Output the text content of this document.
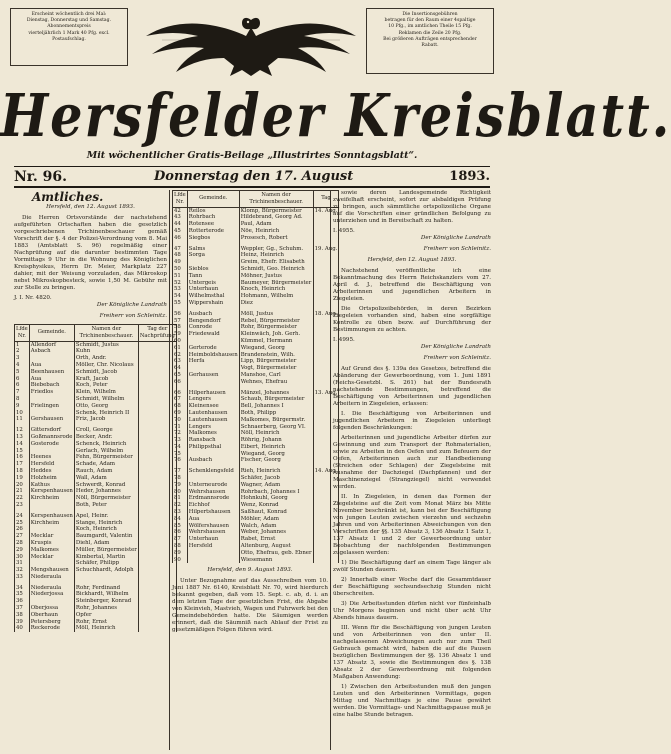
Erscheint wöchentlich drei Mal:
Dienstag, Donnerstag und Samstag.
Abonnementspreis
vierteljährlich 1 Mark 40 Pfg. excl.
Postaufschlag.
Die Insertionsgebühren
betragen für den Raum einer 4spaltige
10 Pfg., im amtlichen Theile 15 Pfg.
Reklamen die Zeile 20 Pfg.
Bei größeren Aufträgen entsprechender
Rabatt.
Hersfelder Kreisblatt.
Mit wöchentlicher Gratis-Beilage „Illustrirtes Sonntagsblatt“.
Nr. 96.	Donnerstag den 17. August	1893.
Amtliches.
Hersfeld, den 12. August 1893.

Die Herren Ortsvorstände der nachstehend aufgeführten Ortschaften haben die gesetzlich vorgeschriebenen Trichinenbeschauer gemäß Vorschrift der §. 4 der Polizei-Verordnung vom 8. Mai 1883 (Amtsblatt S. 96) regelmäßig einer Nachprüfung auf die darunter bestimmten Tage Vormittags 9 Uhr in die Wohnung des Königlichen Kreisphysikus, Herrn Dr. Meier, Markplatz 227 dahier, mit der Weisung vorzuladen, das Mikroskop nebst Mikroskopbesteck, sowie 1,50 M. Gebühr mit zur Stelle zu bringen.

J. I. Nr. 4820.
Der Königliche Landrath
Freiherr von Schleinitz.
Lfde Nr.	Gemeinde.	Namen der Trichinenbeschauer.	Tag der Nachprüfung
1	Allendorf	Schmidt, Justus	
2	Asbach	Kuhn	
3		Orth, Andr.	
4	Aua	Möller, Chr. Nicolaus	
5	Beenhausen	Schmidt, Jacob	
6	Aua	Kraft, Jacob	
6	Biebebach	Koch, Peter	
7	Friedlos	Klein, Wilhelm	
8		Schmidt, Wilhelm	
9	Frielingen	Otto, Georg	
10		Schenk, Heinrich II	
11	Gershausen	Friz, Jacob	

12	Gittersdorf	Croll, George	
13	Goßmannsrode	Becker, Andr.	
14	Gosterode	Schenck, Heinrich	
15		Gerlach, Wilhelm	
16	Heenes	Fehn, Bürgermeister	
17	Hersfeld	Schade, Adam	
18	Heddes	Rauch, Adam	
19	Holzheim	Wall, Adam	
20	Kathus	Schwerdt, Konrad	
21	Kerspenhausen	Heder, Johannes	
22	Kirchheim	Nöll, Bürgermeister	
23		Both, Peter	

24	Kerspenhausen	Apel, Heinr.	
25	Kirchheim	Stange, Heinrich	
26		Koch, Heinrich	
27	Mecklar	Baumgardt, Valentin	
28	Kruspis	Diehl, Adam	
29	Malkomes	Müller, Bürgermeister	
30	Mecklar	Kimbertal, Martin	
31		Schäfer, Philipp	
32	Mengshausen	Schuchhardt, Adolph	
33	Niederaula		

34	Niederaula	Rohr, Ferdinand	
35	Niederjossa	Bickhardt, Wilhelm	
36		Steinberger, Konrad	
37	Oberjossa	Rohr, Johannes	
38	Oberhaun	Opfer	
39	Petersberg	Rohr, Ernst	
40	Reckerode	Möll, Heinrich	
Lfde Nr.	Gemeinde.	Namen der Trichinenbeschauer.	Tag
42	Reilos	Klomp, Bürgermeister	14. Aug.
43	Rohrbach	Hildebrand, Georg Ad.	
44	Rotensee	Paul, Adam	
45	Rotterterode	Nöe, Heinrich	
46	Siegbos	Prosesch, Robert	

47	Salms	Weppler, Gg., Schuhm.	19. Aug.
48	Sorga	Heinz, Heinrich	
49		Greim, Ehefr. Elisabeth	
50	Sieblos	Schmidt, Geo. Heinrich	
51	Tann	Möhner, Justus	
52	Untergeis	Baumeyer, Bürgermeister	
53	Unterhaun	Knoch, Heinrich	
54	Wilhelmsthal	Hohmann, Wilhelm	
55	Wippershain	Diez	

56	Ausbach	Möll, Justus	18. Aug.
57	Bengendorf	Rebel, Bürgermeister	
58	Conrode	Rohr, Bürgermeister	
59	Friedewald	Kleinwäch, Joh. Gerh.	
60		Kümmel, Hermann	
61	Gerterode	Wiegand, Georg	
62	Heimboldshausen	Brandenstein, Wilh.	
63	Herfa	Lipp, Bürgermeister	
64		Vogt, Bürgermeister	
65	Gerhausen	Manshoe, Carl	
66		Wehnes, Ehefrau	

66	Hilperhausen	Mänzel, Johannes	13. Aug.
67	Lengers	Schaub, Bürgermeister	
68	Kleinensee	Bell, Johannes I	
69	Lautenhausen	Both, Philipp	
70	Lautenhausen	Malkomes, Bürgermstr.	
71	Lengers	Schnaerberg, Georg VI.	
72	Malkomes	Nöll, Heinrich	
73	Ransbach	Röhrig, Johann	
74	Philippsthal	Eibert, Heinrich	
75		Wiegand, Georg	
76	Ausbach	Fischer, Georg	

77	Schenklengsfeld	Rieh, Heinrich	14. Aug.
78		Schäfer, Jacob	
79	Unterneurode	Wagner, Adam	
80	Wehrshausen	Rohrbach, Johannes I	
81	Erdmannsrode	Hohnkuhl, Georg	
82	Eichhof	Wenz, Konrad	
83	Hilpertshausen	Saßhaut, Konrad	
84	Aua	Möhler, Adam	
85	Wölfershausen	Walch, Adam	
86	Wehrshausen	Weber, Johannes	
87	Unterhaun	Rabet, Ernst	
88	Hersfeld	Altenburg, August	
89		Otto, Ehefrau, geb. Ebner	
90		Wiesemann	
Hersfeld, den 9. August 1893.

Unter Bezugnahme auf das Ausschreiben vom 10. Juni 1887 Nr. 6140, Kreisblatt Nr. 70, wird hierdurch bekannt gegeben, daß vom 15. Sept. c. ab, d. i. an dem letzten Tage der gesetzlichen Frist, die Abgabe von Kleinvieh, Mastvieh, Wagen und Fuhrwerk bei den Gemeindebehörden hatte. Die Säumigen werden erinnert, daß die Säumniß nach Ablauf der Frist zu gesetzmäßigen Folgen führen wird.

sowie deren Landesgemeinde Richtigkeit zweifelhaft erscheint, sofort zur alsbaldigen Prüfung zu bringen, auch sämmtliche ortspolizeiliche Organe auf die Vorschriften einer gründlichen Befolgung zu unterziehen und in Bereitschaft zu halten.

I. 4955.
Der Königliche Landrath
Freiherr von Schleinitz.
Hersfeld, den 12. August 1893.

Nachstehend veröffentliche ich eine Bekanntmachung des Herrn Reichskanzlers vom 27. April d. J., betreffend die Beschäftigung von Arbeiterinnen und jugendlichen Arbeitern in Ziegeleien.

Die Ortspolizeibehörden, in deren Bezirken Ziegeleien vorhanden sind, haben eine sorgfältige Kontrolle zu üben bezw. auf Durchführung der Bestimmungen zu achten.

I. 4995.
Der Königliche Landrath
Freiherr von Schleinitz.

Auf Grund des §. 139a des Gesetzes, betreffend die Abänderung der Gewerbeordnung, vom 1. Juni 1891 (Reichs-Gesetzbl. S. 261) hat der Bundesrath nachstehende Bestimmungen, betreffend die Beschäftigung von Arbeiterinnen und jugendlichen Arbeitern in Ziegeleien, erlassen:

I. Die Beschäftigung von Arbeiterinnen und jugendlichen Arbeitern in Ziegeleien unterliegt folgenden Beschränkungen:

Arbeiterinnen und jugendliche Arbeiter dürfen zur Gewinnung und zum Transport der Rohmaterialien, sowie zu Arbeiten in den Oefen und zum Befeuern der Oefen, Arbeiterinnen auch zur Handbedienung (Streichen oder Schlagen) der Ziegelsteine mit Ausnahme der Dachziegel (Dachpfannen) und der Maschinenziegel (Strangziegel) nicht verwendet werden.

II. In Ziegeleien, in denen das Formen der Ziegelsteine auf die Zeit vom Monat März bis Mitte November beschränkt ist, kann bei der Beschäftigung von jungen Leuten zwischen vierzehn und sechzehn Jahren und von Arbeiterinnen Abweichungen von den Vorschriften der §§. 135 Absatz 3, 136 Absatz 1 Satz 1, 137 Absatz 1 und 2 der Gewerbeordnung unter Beobachtung der nachfolgenden Bestimmungen zugelassen werden:

1) Die Beschäftigung darf an einem Tage länger als zwölf Stunden dauern.

2) Innerhalb einer Woche darf die Gesammtdauer der Beschäftigung sechsundsechzig Stunden nicht überschreiten.

3) Die Arbeitsstunden dürfen nicht vor fünfeinhalb Uhr Morgens beginnen und nicht über acht Uhr Abends hinaus dauern.

III. Wenn für die Beschäftigung von jungen Leuten und von Arbeiterinnen von den unter II. nachgelassenen Abweichungen auch nur zum Theil Gebrauch gemacht wird, haben die auf die Pausen bezüglichen Bestimmungen der §§. 136 Absatz 1 und 137 Absatz 3, sowie die Bestimmungen des §. 138 Absatz 2 der Gewerbeordnung mit folgenden Maßgaben Anwendung:

1) Zwischen den Arbeitsstunden muß den jungen Leuten und den Arbeiterinnen Vormittags, gegen Mittag und Nachmittags je eine Pause gewährt werden. Die Vormittags- und Nachmittagspause muß je eine halbe Stunde betragen.
